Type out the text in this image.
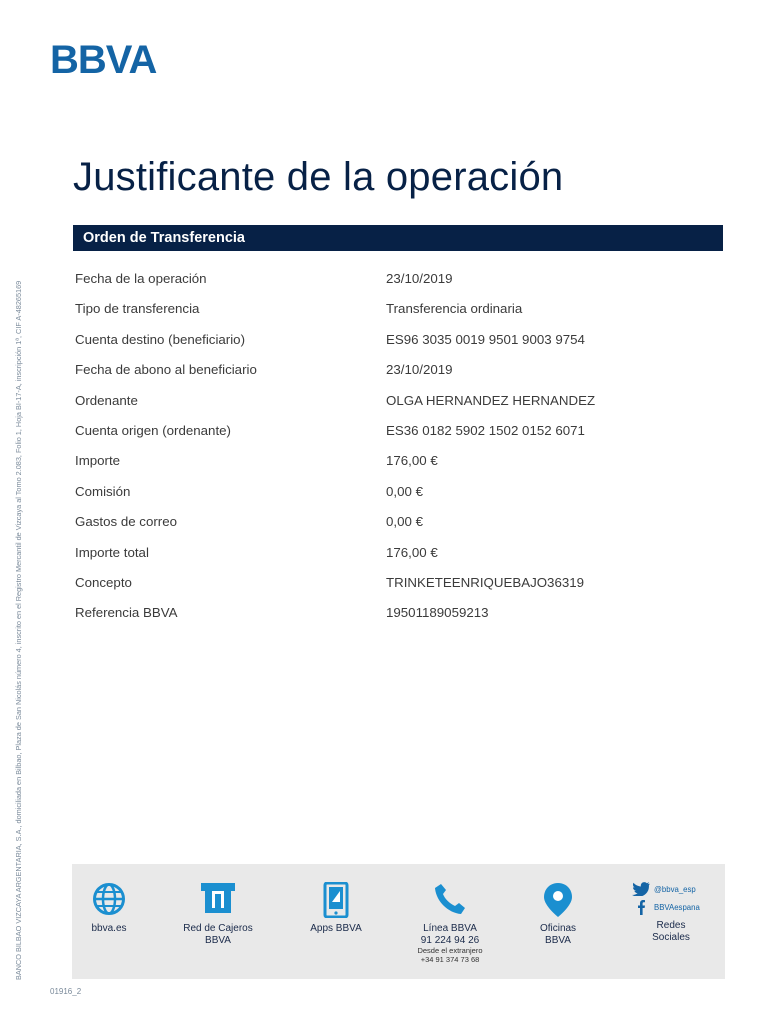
BBVA
Justificante de la operación
Orden de Transferencia
Fecha de la operación	23/10/2019
Tipo de transferencia	Transferencia ordinaria
Cuenta destino (beneficiario)	ES96 3035 0019 9501 9003 9754
Fecha de abono al beneficiario	23/10/2019
Ordenante	OLGA HERNANDEZ HERNANDEZ
Cuenta origen (ordenante)	ES36 0182 5902 1502 0152 6071
Importe	176,00 €
Comisión	0,00 €
Gastos de correo	0,00 €
Importe total	176,00 €
Concepto	TRINKETEENRIQUEBAJO36319
Referencia BBVA	19501189059213
BANCO BILBAO VIZCAYA ARGENTARIA, S.A., domiciliada en Bilbao, Plaza de San Nicolás número 4, inscrito en el Registro Mercantil de Vizcaya al Tomo 2.083, Folio 1, Hoja BI-17-A, inscripción 1ª, CIF A-48265169	bbva.es	Red de Cajeros
BBVA
Apps BBVA	Línea BBVA
91 224 94 26
Desde el extranjero
+34 91 374 73 68
Oficinas
BBVA
@bbva_esp
BBVAespana
Redes
Sociales
01916_2
